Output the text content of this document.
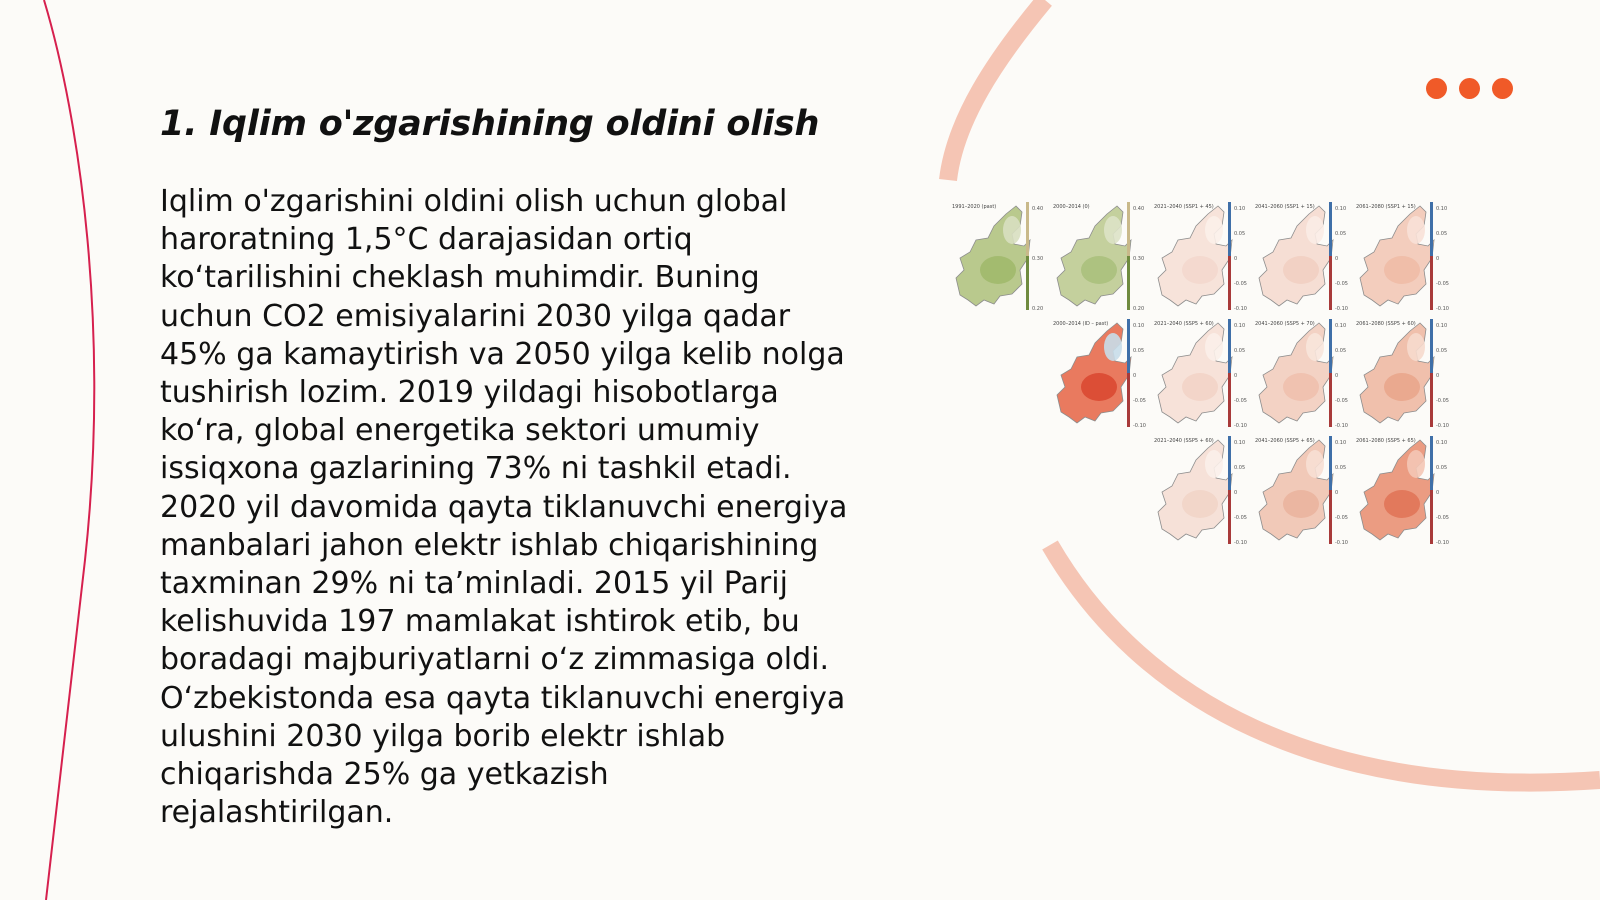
1. Iqlim o'zgarishining oldini olish
Iqlim o'zgarishini oldini olish uchun global
haroratning 1,5°C darajasidan ortiq
ko‘tarilishini cheklash muhimdir. Buning
uchun CO2 emisiyalarini 2030 yilga qadar
45% ga kamaytirish va 2050 yilga kelib nolga
tushirish lozim. 2019 yildagi hisobotlarga
ko‘ra, global energetika sektori umumiy
issiqxona gazlarining 73% ni tashkil etadi.
2020 yil davomida qayta tiklanuvchi energiya
manbalari jahon elektr ishlab chiqarishining
taxminan 29% ni ta’minladi. 2015 yil Parij
kelishuvida 197 mamlakat ishtirok etib, bu
boradagi majburiyatlarni o‘z zimmasiga oldi.
O‘zbekistonda esa qayta tiklanuvchi energiya
ulushini 2030 yilga borib elektr ishlab
chiqarishda 25% ga yetkazish
rejalashtirilgan.
1991–2020 (past)	0.40
0.30
0.20
2000–2014 (0)	0.40
0.30
0.20
2021–2040 (SSP1 + 45)	0.10
0.05
0
-0.05
-0.10
2041–2060 (SSP1 + 15)	0.10
0.05
0
-0.05
-0.10
2061–2080 (SSP1 + 15)	0.10
0.05
0
-0.05
-0.10
2000–2014 (ID – past)	0.10
0.05
0
-0.05
-0.10
2021–2040 (SSP5 + 60)	0.10
0.05
0
-0.05
-0.10
2041–2060 (SSP5 + 70)	0.10
0.05
0
-0.05
-0.10
2061–2080 (SSP5 + 60)	0.10
0.05
0
-0.05
-0.10
2021–2040 (SSP5 + 60)	0.10
0.05
0
-0.05
-0.10
2041–2060 (SSP5 + 65)	0.10
0.05
0
-0.05
-0.10
2061–2080 (SSP5 + 65)	0.10
0.05
0
-0.05
-0.10
